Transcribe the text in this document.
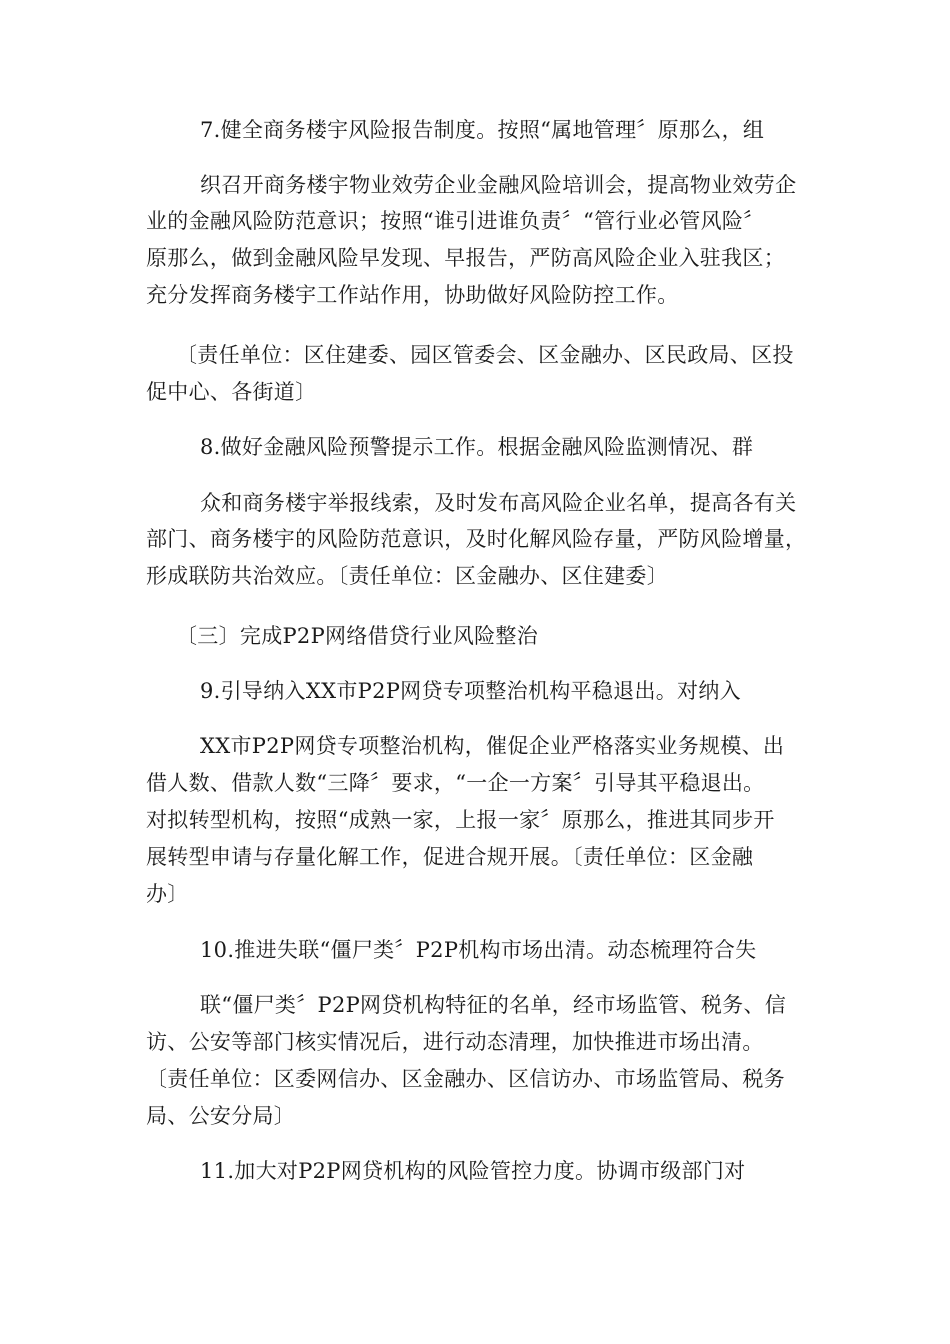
7.健全商务楼宇风险报告制度。按照“属地管理〞原那么，组

织召开商务楼宇物业效劳企业金融风险培训会，提高物业效劳企

业的金融风险防范意识；按照“谁引进谁负责〞“管行业必管风险〞

原那么，做到金融风险早发现、早报告，严防高风险企业入驻我区；

充分发挥商务楼宇工作站作用，协助做好风险防控工作。

〔责任单位：区住建委、园区管委会、区金融办、区民政局、区投

促中心、各街道〕

8.做好金融风险预警提示工作。根据金融风险监测情况、群

众和商务楼宇举报线索，及时发布高风险企业名单，提高各有关

部门、商务楼宇的风险防范意识，及时化解风险存量，严防风险增量，

形成联防共治效应。〔责任单位：区金融办、区住建委〕

〔三〕完成P2P网络借贷行业风险整治

9.引导纳入XX市P2P网贷专项整治机构平稳退出。对纳入

XX市P2P网贷专项整治机构，催促企业严格落实业务规模、出

借人数、借款人数“三降〞要求，“一企一方案〞引导其平稳退出。

对拟转型机构，按照“成熟一家，上报一家〞原那么，推进其同步开

展转型申请与存量化解工作，促进合规开展。〔责任单位：区金融

办〕

10.推进失联“僵尸类〞P2P机构市场出清。动态梳理符合失

联“僵尸类〞P2P网贷机构特征的名单，经市场监管、税务、信

访、公安等部门核实情况后，进行动态清理，加快推进市场出清。

〔责任单位：区委网信办、区金融办、区信访办、市场监管局、税务

局、公安分局〕

11.加大对P2P网贷机构的风险管控力度。协调市级部门对
